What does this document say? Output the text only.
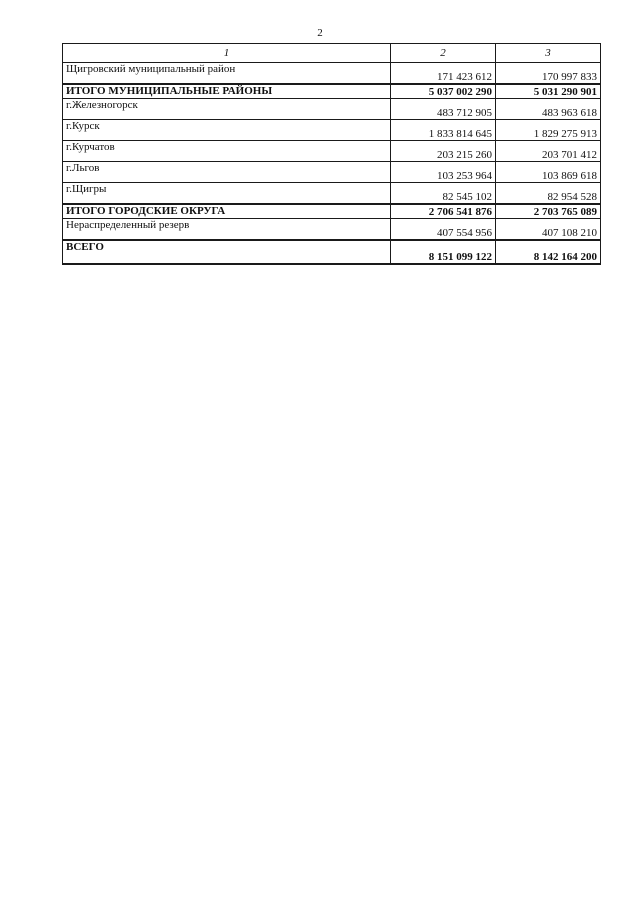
2
1	2	3
Щигровский муниципальный район	171 423 612	170 997 833
ИТОГО МУНИЦИПАЛЬНЫЕ РАЙОНЫ	5 037 002 290	5 031 290 901
г.Железногорск	483 712 905	483 963 618
г.Курск	1 833 814 645	1 829 275 913
г.Курчатов	203 215 260	203 701 412
г.Льгов	103 253 964	103 869 618
г.Щигры	82 545 102	82 954 528
ИТОГО ГОРОДСКИЕ ОКРУГА	2 706 541 876	2 703 765 089
Нераспределенный резерв	407 554 956	407 108 210
ВСЕГО	8 151 099 122	8 142 164 200
